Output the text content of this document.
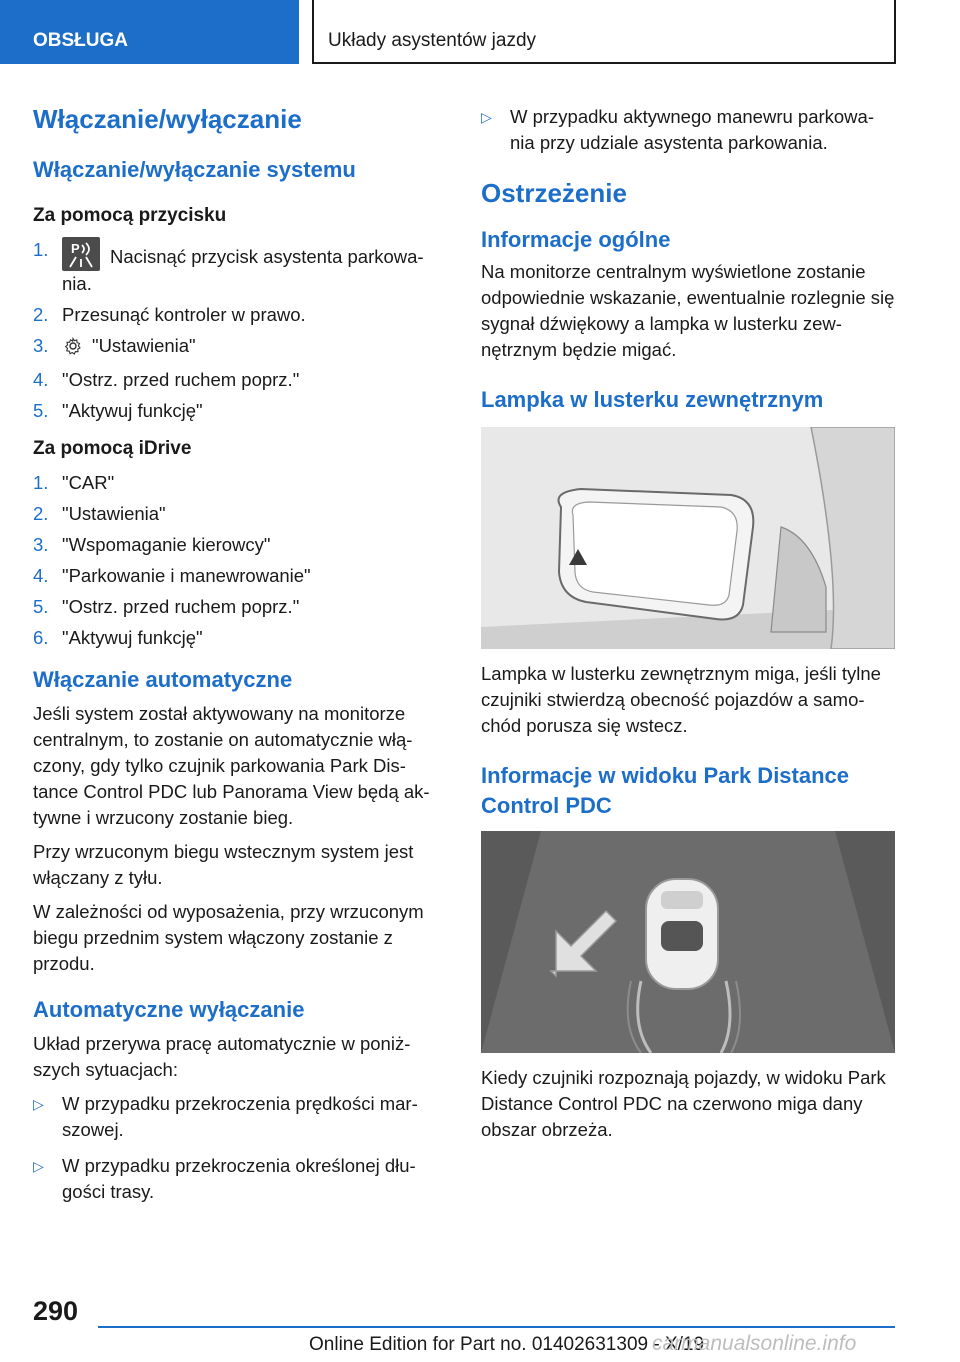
OBSŁUGA	Układy asystentów jazdy
Włączanie/wyłączanie
Włączanie/wyłączanie systemu
Za pomocą przycisku
1. P Nacisnąć przycisk asystenta parkowa‐nia.
2. Przesunąć kontroler w prawo.
3. "Ustawienia"
4. "Ostrz. przed ruchem poprz."
5. "Aktywuj funkcję"
Za pomocą iDrive
1. "CAR"
2. "Ustawienia"
3. "Wspomaganie kierowcy"
4. "Parkowanie i manewrowanie"
5. "Ostrz. przed ruchem poprz."
6. "Aktywuj funkcję"
Włączanie automatyczne

Jeśli system został aktywowany na monitorze centralnym, to zostanie on automatycznie włą‐czony, gdy tylko czujnik parkowania Park Dis‐tance Control PDC lub Panorama View będą ak‐tywne i wrzucony zostanie bieg.

Przy wrzuconym biegu wstecznym system jest włączany z tyłu.

W zależności od wyposażenia, przy wrzuconym biegu przednim system włączony zostanie z przodu.

Automatyczne wyłączanie

Układ przerywa pracę automatycznie w poniż‐szych sytuacjach:

▷ W przypadku przekroczenia prędkości mar‐szowej.
▷ W przypadku przekroczenia określonej dłu‐gości trasy.
▷ W przypadku aktywnego manewru parkowa‐nia przy udziale asystenta parkowania.
Ostrzeżenie
Informacje ogólne

Na monitorze centralnym wyświetlone zostanie odpowiednie wskazanie, ewentualnie rozlegnie się sygnał dźwiękowy a lampka w lusterku zew‐nętrznym będzie migać.

Lampka w lusterku zewnętrznym

Lampka w lusterku zewnętrznym miga, jeśli tylne czujniki stwierdzą obecność pojazdów a samo‐chód porusza się wstecz.

Informacje w widoku Park Distance Control PDC

Kiedy czujniki rozpoznają pojazdy, w widoku Park Distance Control PDC na czerwono miga dany obszar obrzeża.

290
Online Edition for Part no. 01402631309 - X/19
carmanualsonline.info
